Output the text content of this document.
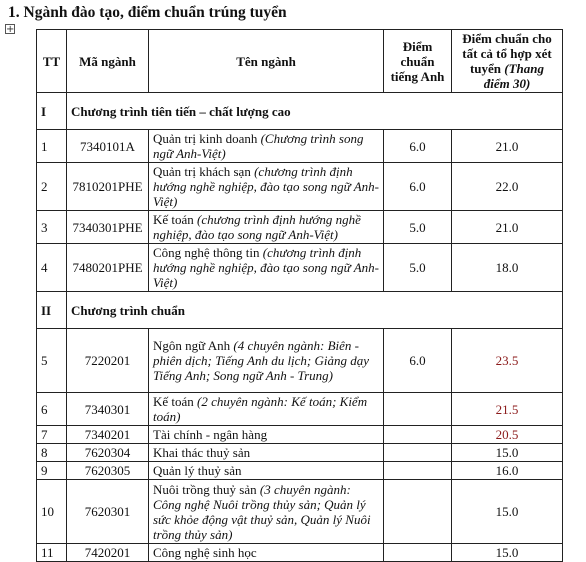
1. Ngành đào tạo, điểm chuẩn trúng tuyển
+
TT	Mã ngành	Tên ngành	Điểm chuẩn tiếng Anh	Điểm chuẩn cho tất cả tổ hợp xét tuyển (Thang điểm 30)
I	Chương trình tiên tiến – chất lượng cao			
1	7340101A	Quản trị kinh doanh (Chương trình song ngữ Anh-Việt)	6.0	21.0
2	7810201PHE	Quản trị khách sạn (chương trình định hướng nghề nghiệp, đào tạo song ngữ Anh-Việt)	6.0	22.0
3	7340301PHE	Kế toán (chương trình định hướng nghề nghiệp, đào tạo song ngữ Anh-Việt)	5.0	21.0
4	7480201PHE	Công nghệ thông tin (chương trình định hướng nghề nghiệp, đào tạo song ngữ Anh-Việt)	5.0	18.0
II	Chương trình chuẩn			
5	7220201	Ngôn ngữ Anh (4 chuyên ngành: Biên - phiên dịch; Tiếng Anh du lịch; Giảng dạy Tiếng Anh; Song ngữ Anh - Trung)	6.0	23.5
6	7340301	Kế toán (2 chuyên ngành: Kế toán; Kiểm toán)		21.5
7	7340201	Tài chính - ngân hàng		20.5
8	7620304	Khai thác thuỷ sản		15.0
9	7620305	Quản lý thuỷ sản		16.0
10	7620301	Nuôi trồng thuỷ sản (3 chuyên ngành: Công nghệ Nuôi trồng thủy sản; Quản lý sức khỏe động vật thuỷ sản, Quản lý Nuôi trồng thủy sản)		15.0
11	7420201	Công nghệ sinh học		15.0
